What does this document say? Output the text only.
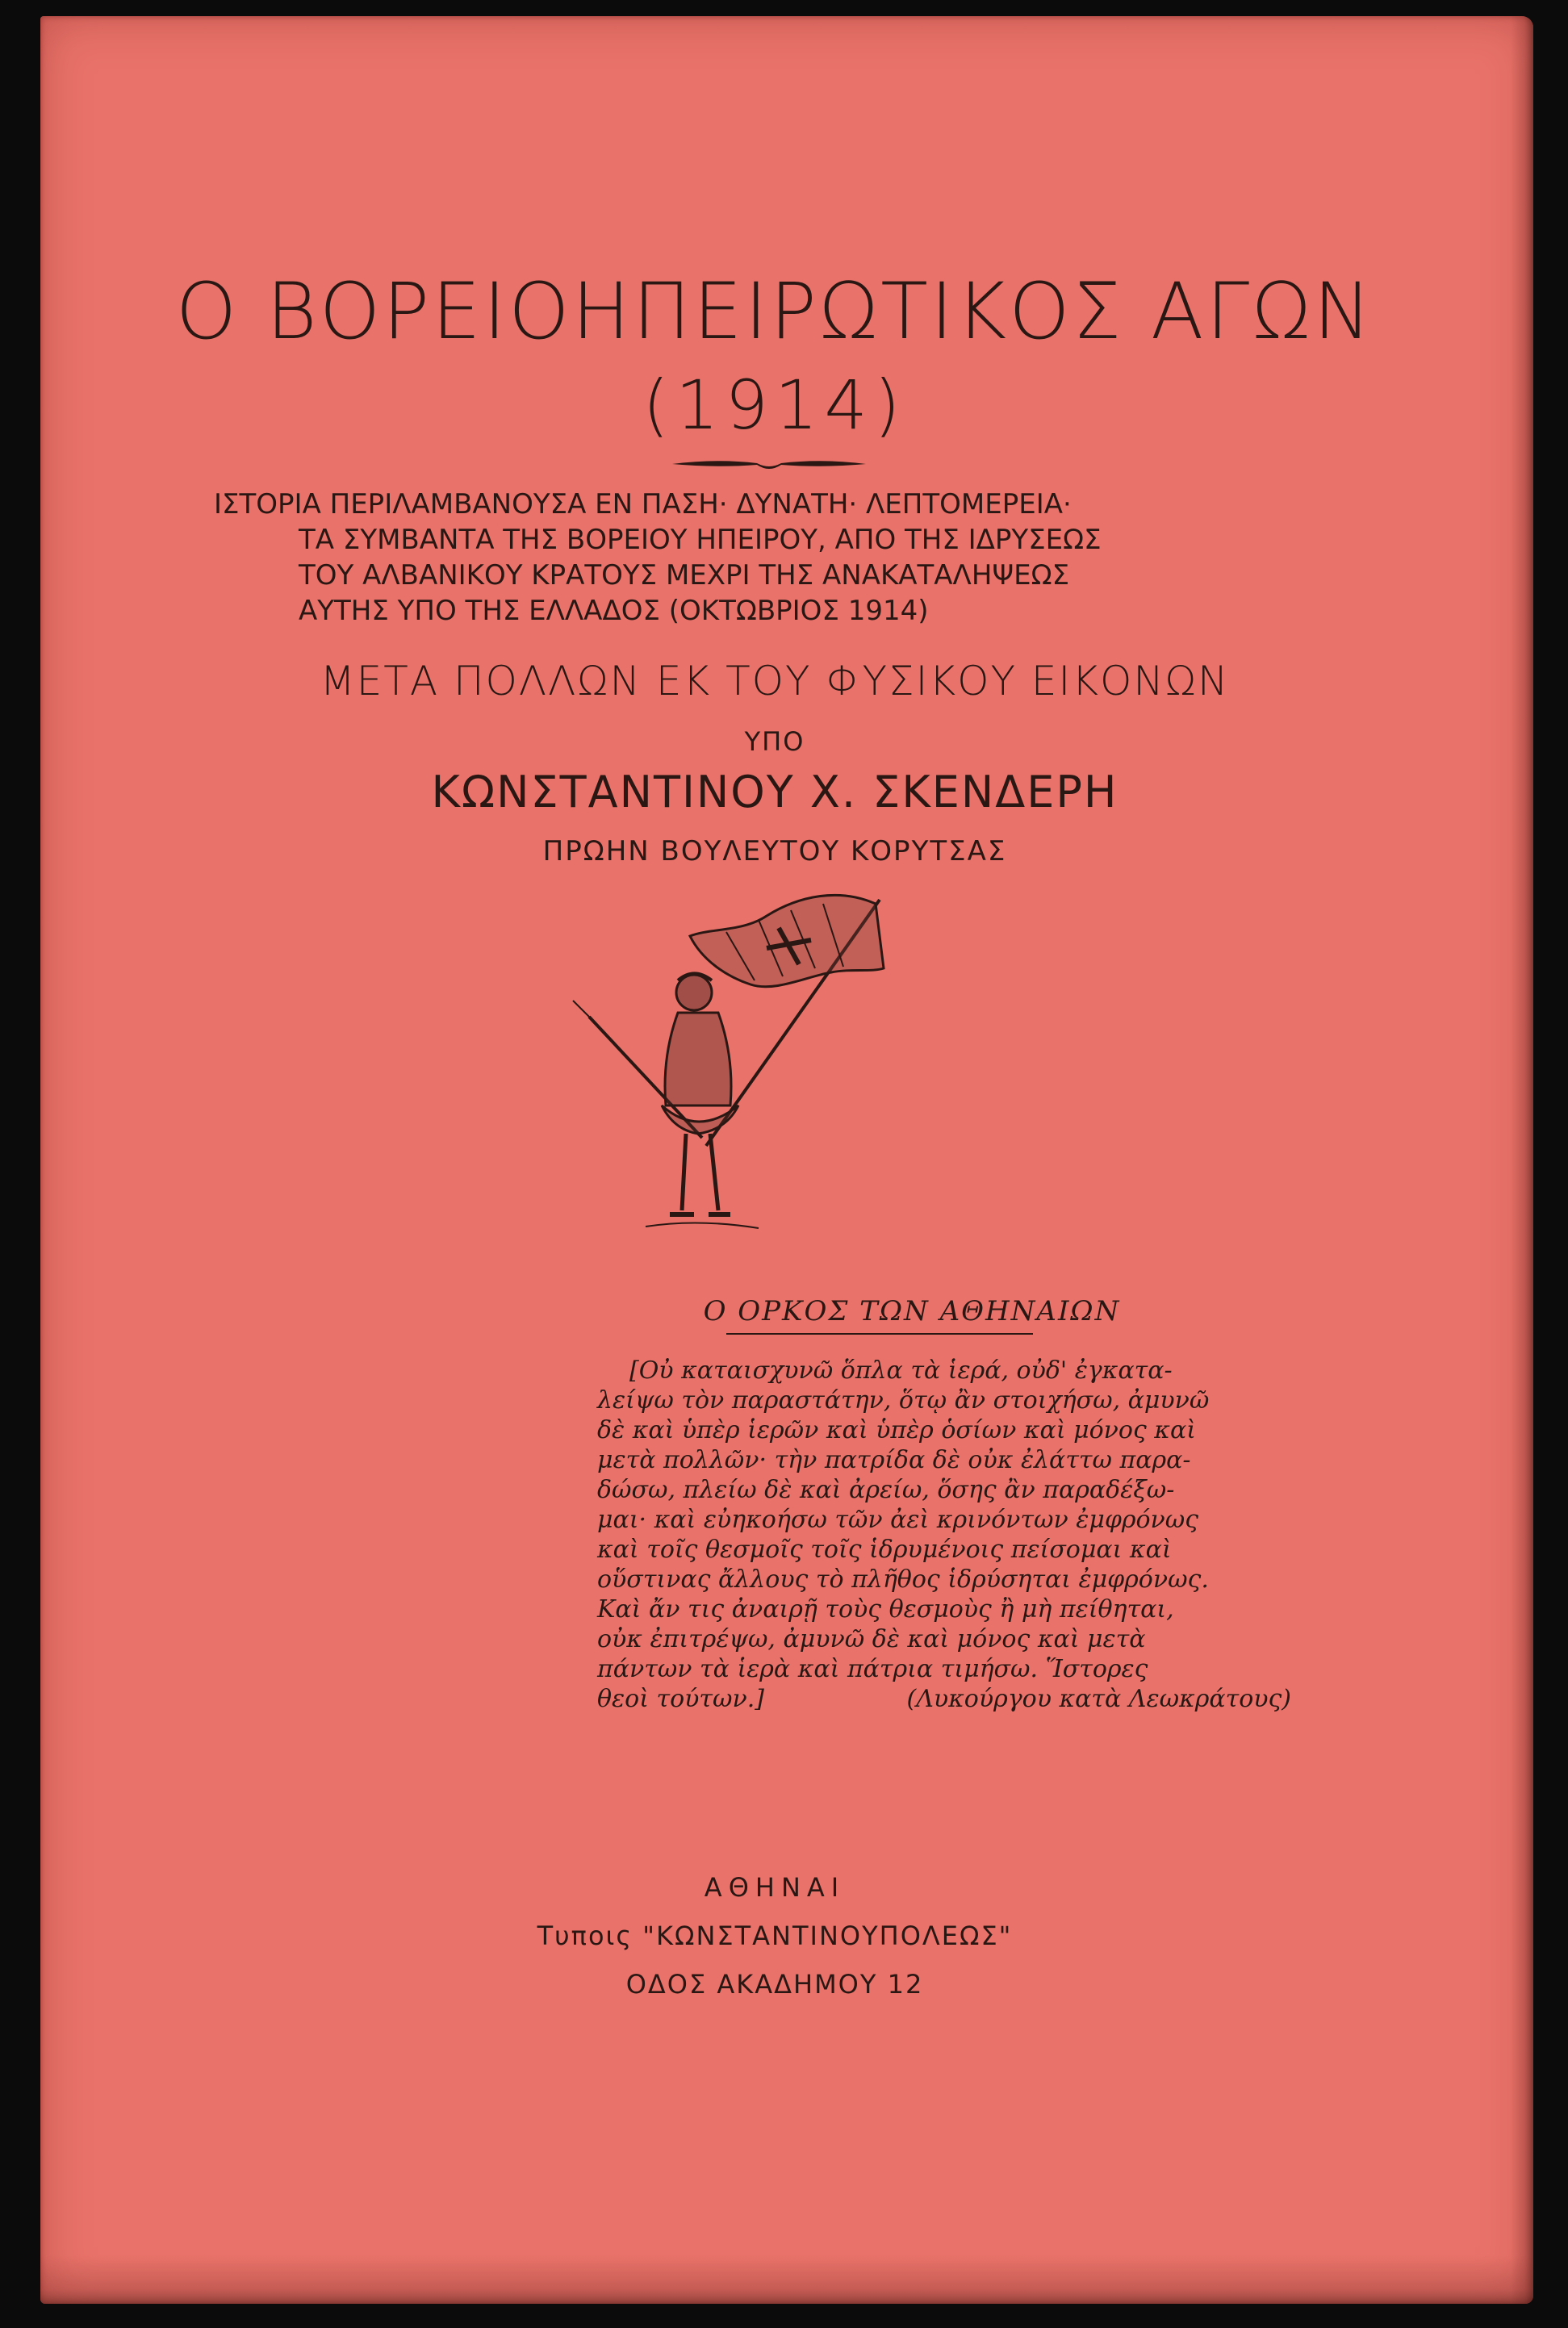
Ο ΒΟΡΕΙΟΗΠΕΙΡΩΤΙΚΟΣ ΑΓΩΝ
(1914)
ΙΣΤΟΡΙΑ ΠΕΡΙΛΑΜΒΑΝΟΥΣΑ ΕΝ ΠΑΣΗ· ΔΥΝΑΤΗ· ΛΕΠΤΟΜΕΡΕΙΑ·
ΤΑ ΣΥΜΒΑΝΤΑ ΤΗΣ ΒΟΡΕΙΟΥ ΗΠΕΙΡΟΥ, ΑΠΟ ΤΗΣ ΙΔΡΥΣΕΩΣ
ΤΟΥ ΑΛΒΑΝΙΚΟΥ ΚΡΑΤΟΥΣ ΜΕΧΡΙ ΤΗΣ ΑΝΑΚΑΤΑΛΗΨΕΩΣ
ΑΥΤΗΣ ΥΠΟ ΤΗΣ ΕΛΛΑΔΟΣ (ΟΚΤΩΒΡΙΟΣ 1914)
ΜΕΤΑ ΠΟΛΛΩΝ ΕΚ ΤΟΥ ΦΥΣΙΚΟΥ ΕΙΚΟΝΩΝ
ΥΠΟ
ΚΩΝΣΤΑΝΤΙΝΟΥ Χ. ΣΚΕΝΔΕΡΗ
ΠΡΩΗΝ ΒΟΥΛΕΥΤΟΥ ΚΟΡΥΤΣΑΣ
Ο ΟΡΚΟΣ ΤΩΝ ΑΘΗΝΑΙΩΝ
[Οὐ καταισχυνῶ ὅπλα τὰ ἱερά, οὐδ' ἐγκατα-
λείψω τὸν παραστάτην, ὅτῳ ἂν στοιχήσω, ἀμυνῶ
δὲ καὶ ὑπὲρ ἱερῶν καὶ ὑπὲρ ὁσίων καὶ μόνος καὶ
μετὰ πολλῶν· τὴν πατρίδα δὲ οὐκ ἐλάττω παρα-
δώσω, πλείω δὲ καὶ ἀρείω, ὅσης ἂν παραδέξω-
μαι· καὶ εὐηκοήσω τῶν ἀεὶ κρινόντων ἐμφρόνως
καὶ τοῖς θεσμοῖς τοῖς ἱδρυμένοις πείσομαι καὶ
οὕστινας ἄλλους τὸ πλῆθος ἱδρύσηται ἐμφρόνως.
Καὶ ἄν τις ἀναιρῇ τοὺς θεσμοὺς ἢ μὴ πείθηται,
οὐκ ἐπιτρέψω, ἀμυνῶ δὲ καὶ μόνος καὶ μετὰ
πάντων τὰ ἱερὰ καὶ πάτρια τιμήσω. Ἵστορες
θεοὶ τούτων.]	(Λυκούργου κατὰ Λεωκράτους)
ΑΘΗΝΑΙ
Τυποις "ΚΩΝΣΤΑΝΤΙΝΟΥΠΟΛΕΩΣ"
ΟΔΟΣ ΑΚΑΔΗΜΟΥ 12
